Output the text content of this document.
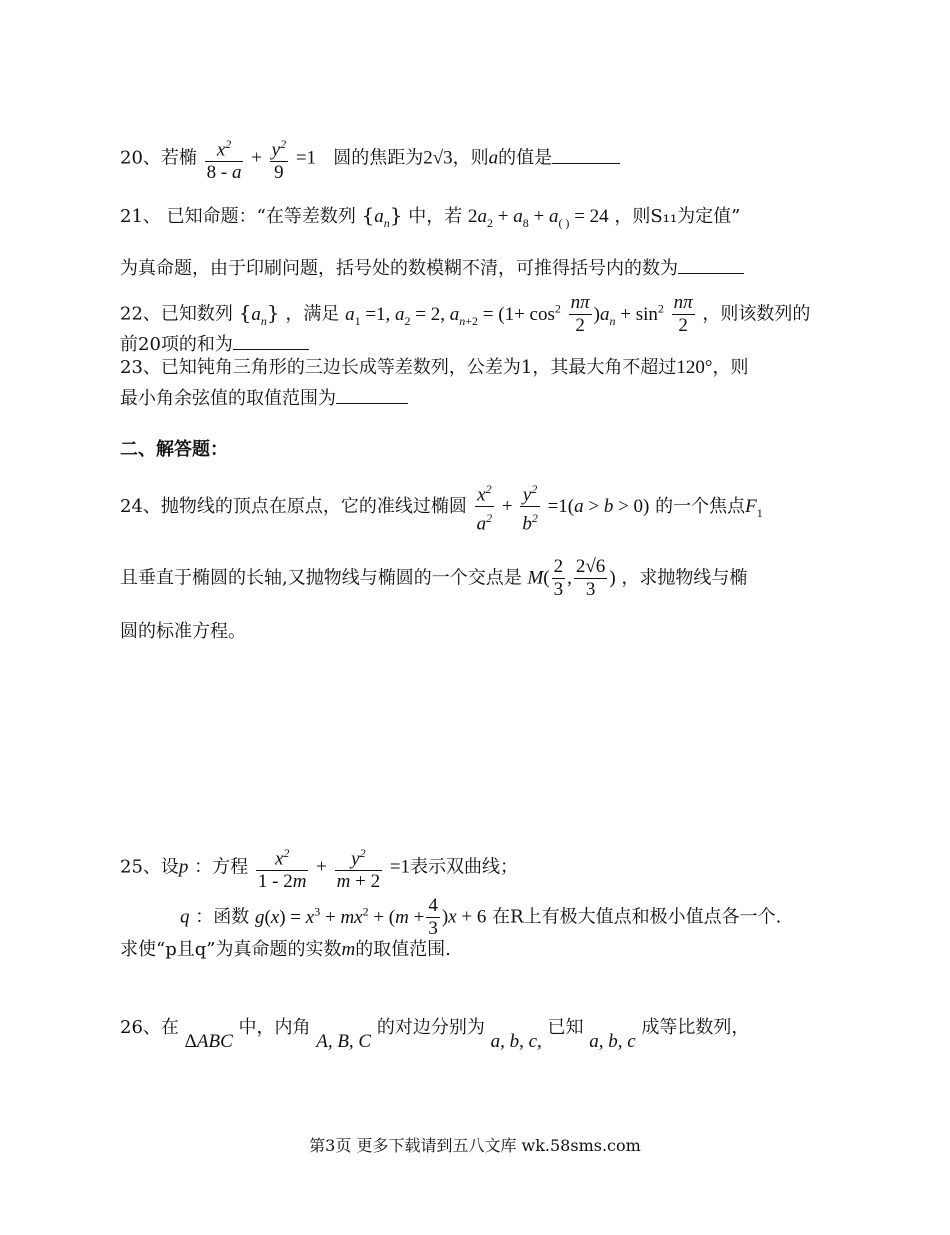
20、若椭 $\frac{x^2}{8 - a} + \frac{y^2}{9} =1$ 圆的焦距为2√3，则a的值是
21、 已知命题：“在等差数列 $\{a_n\}$ 中，若 $2a_2 + a_8 + a_{( )} = 24$ ，则S₁₁为定值”
为真命题，由于印刷问题，括号处的数模糊不清，可推得括号内的数为
22、已知数列 $\{a_n\}$ ，满足 $a_1 =1$, $a_2 = 2$, $a_{n+2} = (1+ \cos^2 \frac{n\pi}{2} )a_n + \sin^2 \frac{n\pi}{2}$ ，则该数列的
前20项的和为
23、已知钝角三角形的三边长成等差数列，公差为1，其最大角不超过120°，则
最小角余弦值的取值范围为
二、解答题：
24、抛物线的顶点在原点，它的准线过椭圆 $\frac{x^2}{a^2} + \frac{y^2}{b^2} =1(a > b > 0)$ 的一个焦点$F_1$
且垂直于椭圆的长轴,又抛物线与椭圆的一个交点是 $M( \frac{2}{3}$ , $\frac{2√6}{3}$ ) ，求抛物线与椭
圆的标准方程。
25、设p ：方程 $\frac{x^2}{1 - 2m} + \frac{y^2}{m + 2} =1$表示双曲线；
q ：函数 $g(x) = x^3 + mx^2 + (m + \frac{4}{3} )x + 6$ 在R上有极大值点和极小值点各一个.
求使“p且q”为真命题的实数m的取值范围.
26、在 ΔABC 中，内角 A, B, C 的对边分别为 a, b, c, 已知 a, b, c 成等比数列，
第3页 更多下载请到五八文库 wk.58sms.com
